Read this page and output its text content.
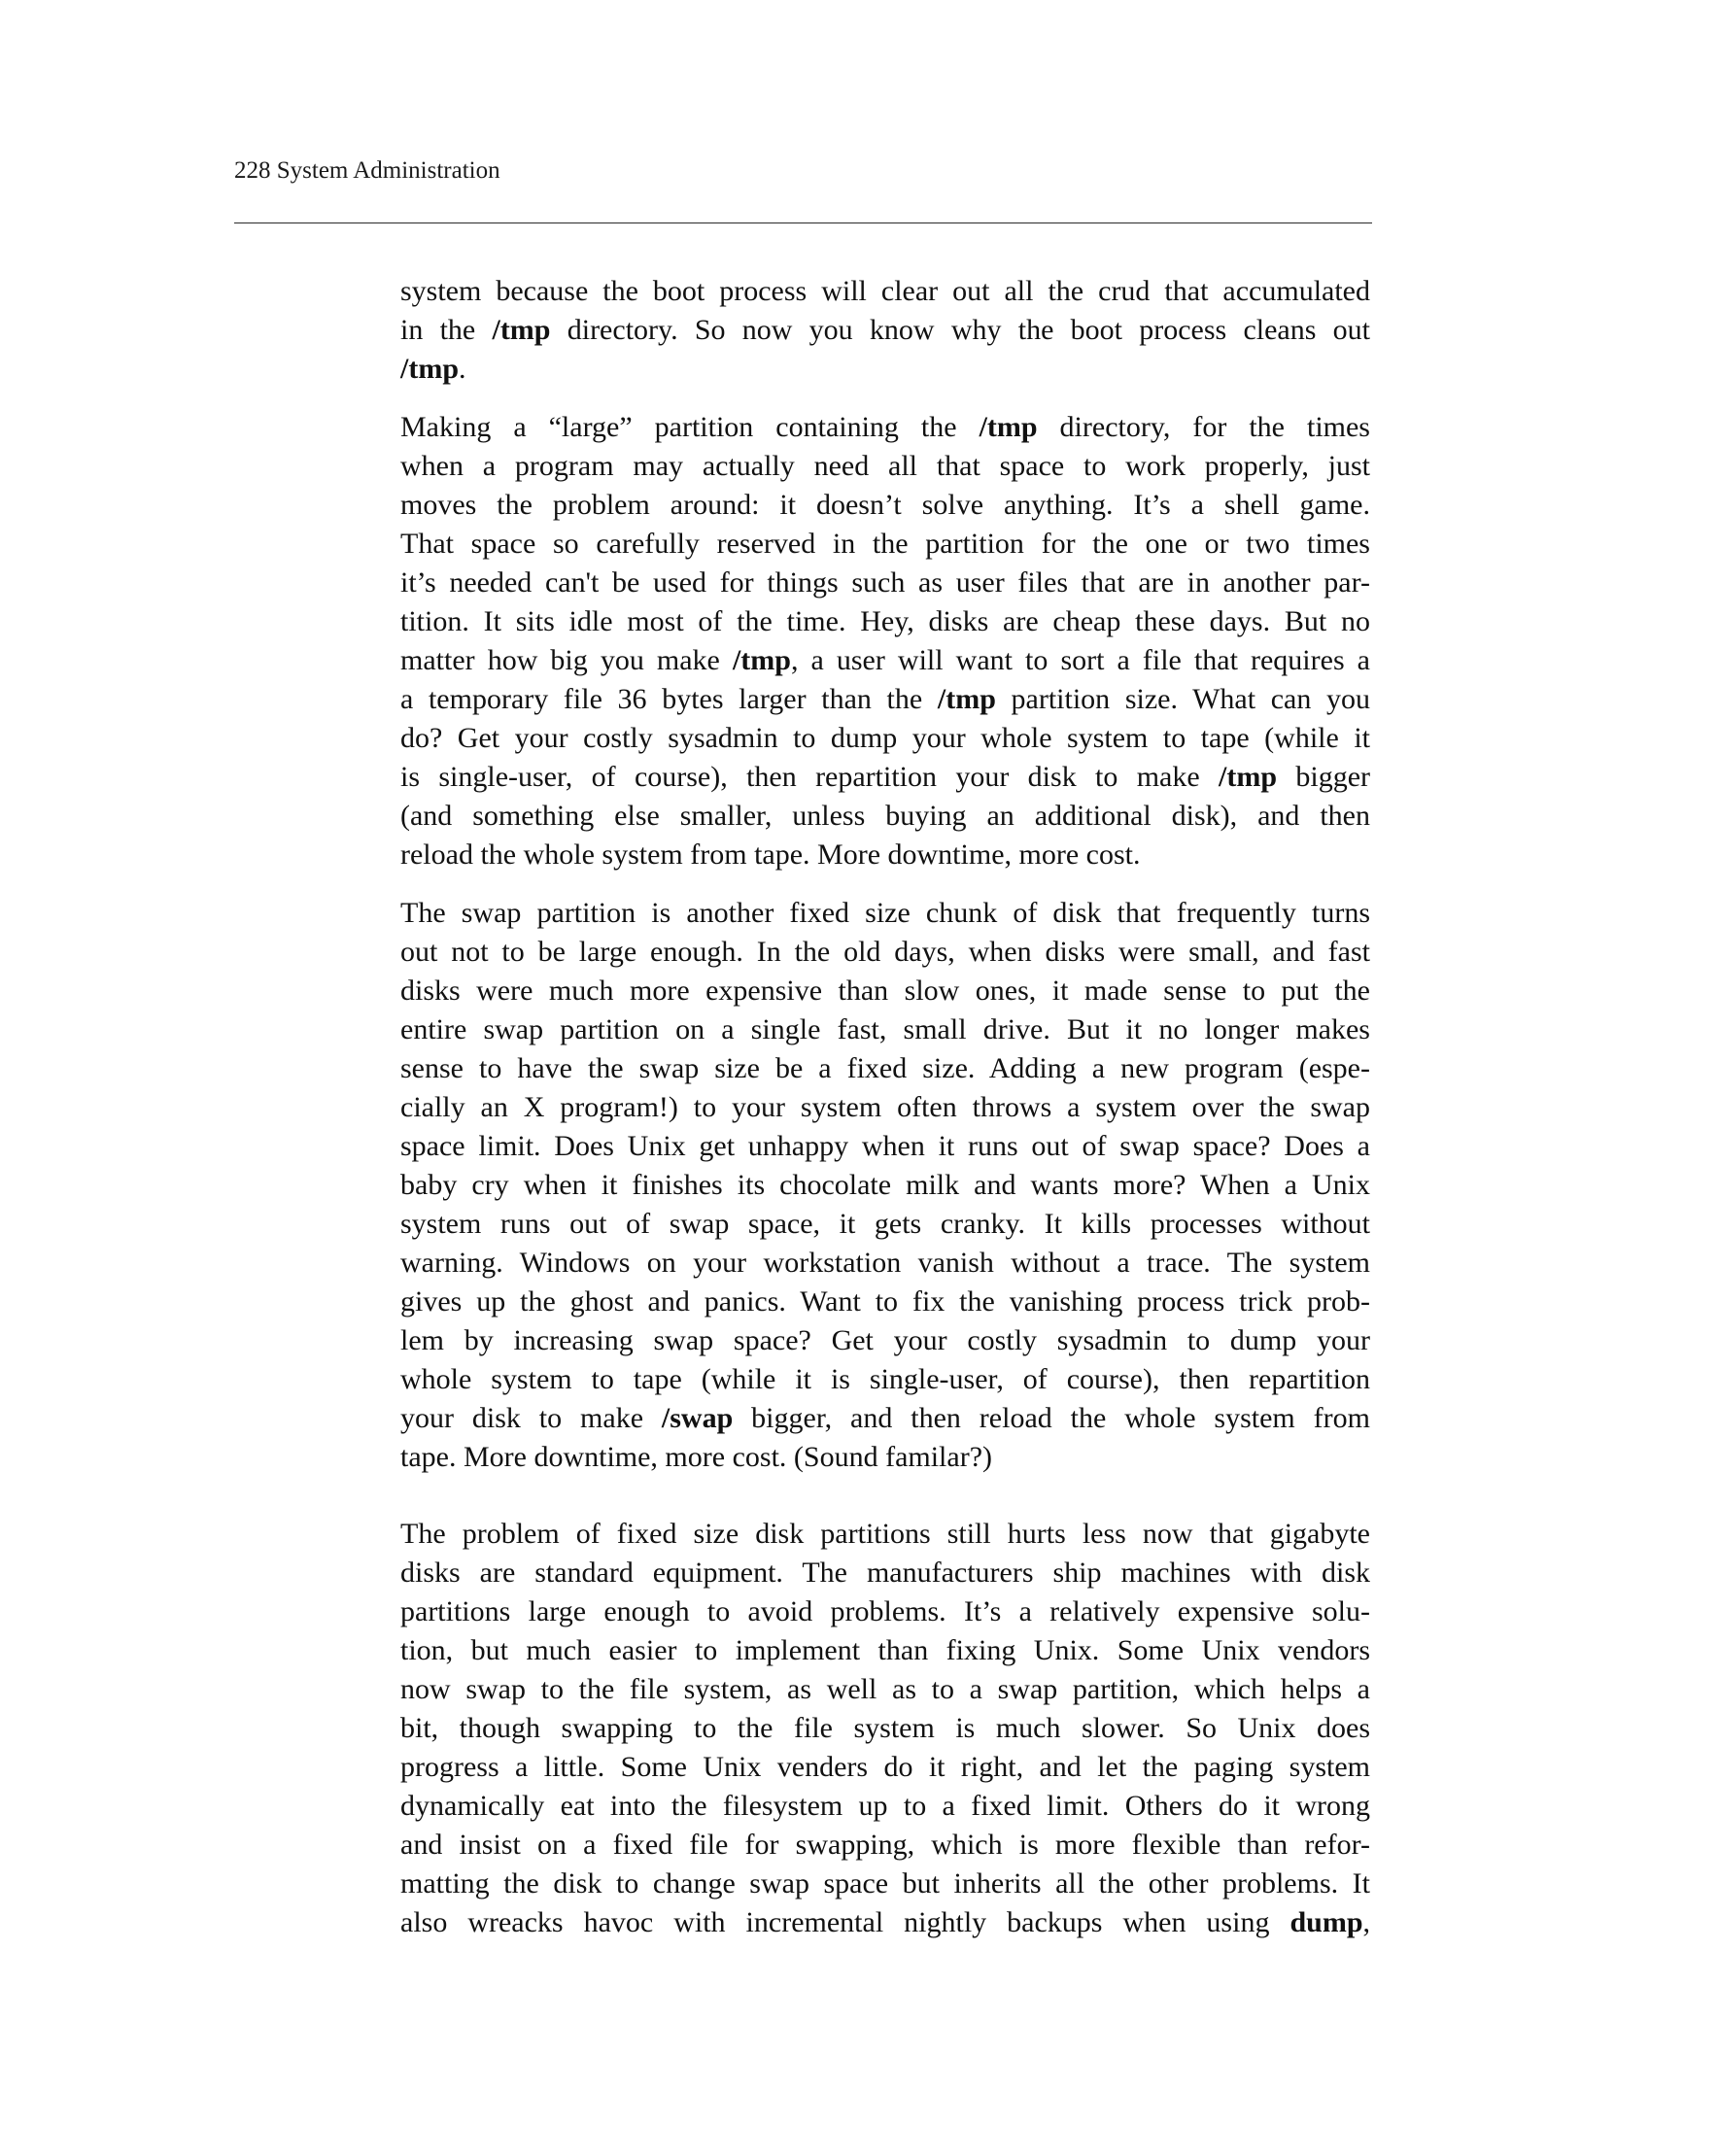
228 System Administration
system because the boot process will clear out all the crud that accumulated
in the /tmp directory. So now you know why the boot process cleans out
/tmp.
Making a “large” partition containing the /tmp directory, for the times
when a program may actually need all that space to work properly, just
moves the problem around: it doesn’t solve anything. It’s a shell game.
That space so carefully reserved in the partition for the one or two times
it’s needed can't be used for things such as user files that are in another par-
tition. It sits idle most of the time. Hey, disks are cheap these days. But no
matter how big you make /tmp, a user will want to sort a file that requires a
a temporary file 36 bytes larger than the /tmp partition size. What can you
do? Get your costly sysadmin to dump your whole system to tape (while it
is single-user, of course), then repartition your disk to make /tmp bigger
(and something else smaller, unless buying an additional disk), and then
reload the whole system from tape. More downtime, more cost.
The swap partition is another fixed size chunk of disk that frequently turns
out not to be large enough. In the old days, when disks were small, and fast
disks were much more expensive than slow ones, it made sense to put the
entire swap partition on a single fast, small drive. But it no longer makes
sense to have the swap size be a fixed size. Adding a new program (espe-
cially an X program!) to your system often throws a system over the swap
space limit. Does Unix get unhappy when it runs out of swap space? Does a
baby cry when it finishes its chocolate milk and wants more? When a Unix
system runs out of swap space, it gets cranky. It kills processes without
warning. Windows on your workstation vanish without a trace. The system
gives up the ghost and panics. Want to fix the vanishing process trick prob-
lem by increasing swap space? Get your costly sysadmin to dump your
whole system to tape (while it is single-user, of course), then repartition
your disk to make /swap bigger, and then reload the whole system from
tape. More downtime, more cost. (Sound familar?)
The problem of fixed size disk partitions still hurts less now that gigabyte
disks are standard equipment. The manufacturers ship machines with disk
partitions large enough to avoid problems. It’s a relatively expensive solu-
tion, but much easier to implement than fixing Unix. Some Unix vendors
now swap to the file system, as well as to a swap partition, which helps a
bit, though swapping to the file system is much slower. So Unix does
progress a little. Some Unix venders do it right, and let the paging system
dynamically eat into the filesystem up to a fixed limit. Others do it wrong
and insist on a fixed file for swapping, which is more flexible than refor-
matting the disk to change swap space but inherits all the other problems. It
also wreacks havoc with incremental nightly backups when using dump,
